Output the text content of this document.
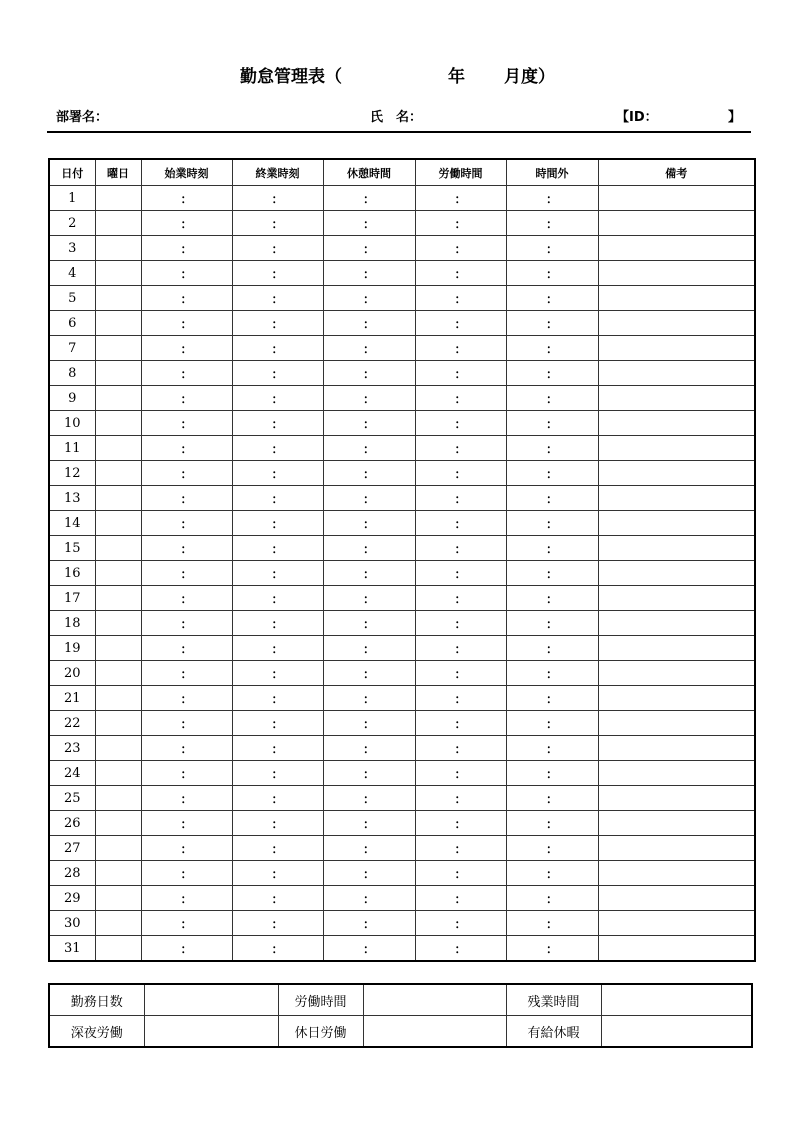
勤怠管理表（	年 月度）
部署名：	氏　名：	【ID：	】
日付	曜日	始業時刻	終業時刻	休憩時間	労働時間	時間外	備考
1		：	：	：	：	：	
2		：	：	：	：	：	
3		：	：	：	：	：	
4		：	：	：	：	：	
5		：	：	：	：	：	
6		：	：	：	：	：	
7		：	：	：	：	：	
8		：	：	：	：	：	
9		：	：	：	：	：	
10		：	：	：	：	：	
11		：	：	：	：	：	
12		：	：	：	：	：	
13		：	：	：	：	：	
14		：	：	：	：	：	
15		：	：	：	：	：	
16		：	：	：	：	：	
17		：	：	：	：	：	
18		：	：	：	：	：	
19		：	：	：	：	：	
20		：	：	：	：	：	
21		：	：	：	：	：	
22		：	：	：	：	：	
23		：	：	：	：	：	
24		：	：	：	：	：	
25		：	：	：	：	：	
26		：	：	：	：	：	
27		：	：	：	：	：	
28		：	：	：	：	：	
29		：	：	：	：	：	
30		：	：	：	：	：	
31		：	：	：	：	：	
勤務日数		労働時間		残業時間	
深夜労働		休日労働		有給休暇	
